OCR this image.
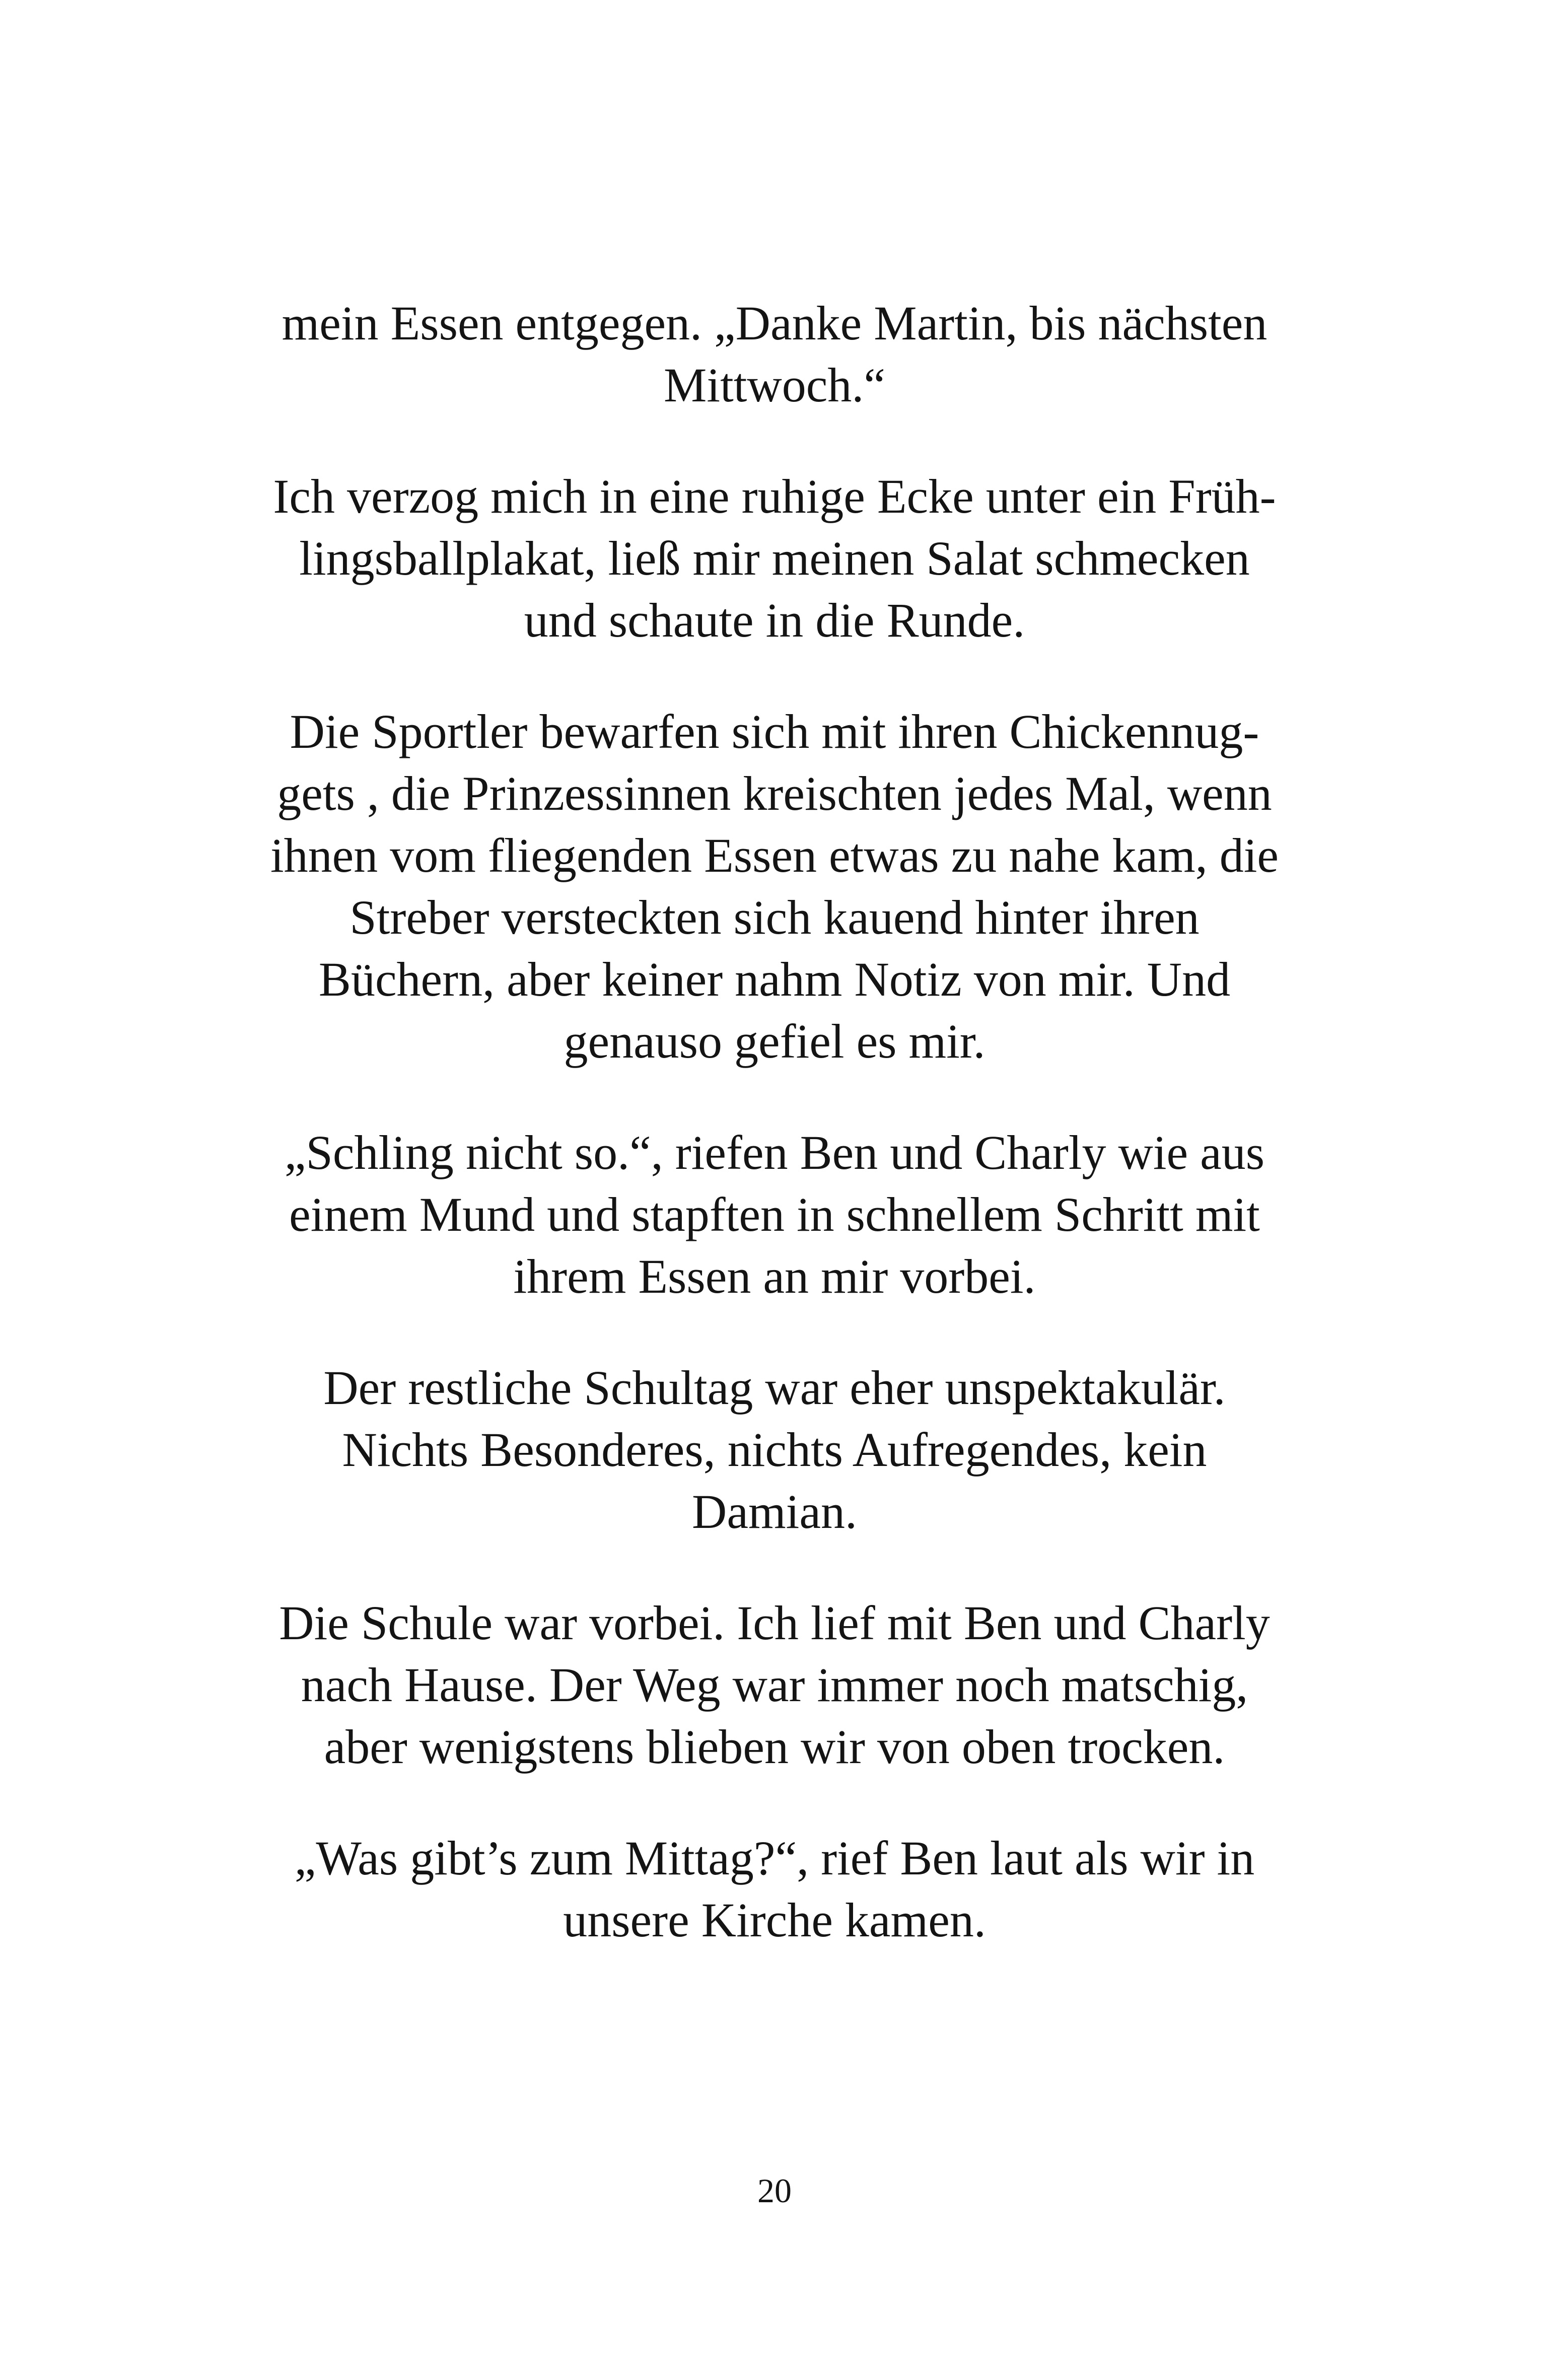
mein Essen entgegen. „Danke Martin, bis nächsten
Mittwoch.“

Ich verzog mich in eine ruhige Ecke unter ein Früh-
lingsballplakat, ließ mir meinen Salat schmecken
und schaute in die Runde.

Die Sportler bewarfen sich mit ihren Chickennug-
gets , die Prinzessinnen kreischten jedes Mal, wenn
ihnen vom fliegenden Essen etwas zu nahe kam, die
Streber versteckten sich kauend hinter ihren
Büchern, aber keiner nahm Notiz von mir. Und
genauso gefiel es mir.

„Schling nicht so.“, riefen Ben und Charly wie aus
einem Mund und stapften in schnellem Schritt mit
ihrem Essen an mir vorbei.

Der restliche Schultag war eher unspektakulär.
Nichts Besonderes, nichts Aufregendes, kein
Damian.

Die Schule war vorbei. Ich lief mit Ben und Charly
nach Hause. Der Weg war immer noch matschig,
aber wenigstens blieben wir von oben trocken.

„Was gibt’s zum Mittag?“, rief Ben laut als wir in
unsere Kirche kamen.

20
